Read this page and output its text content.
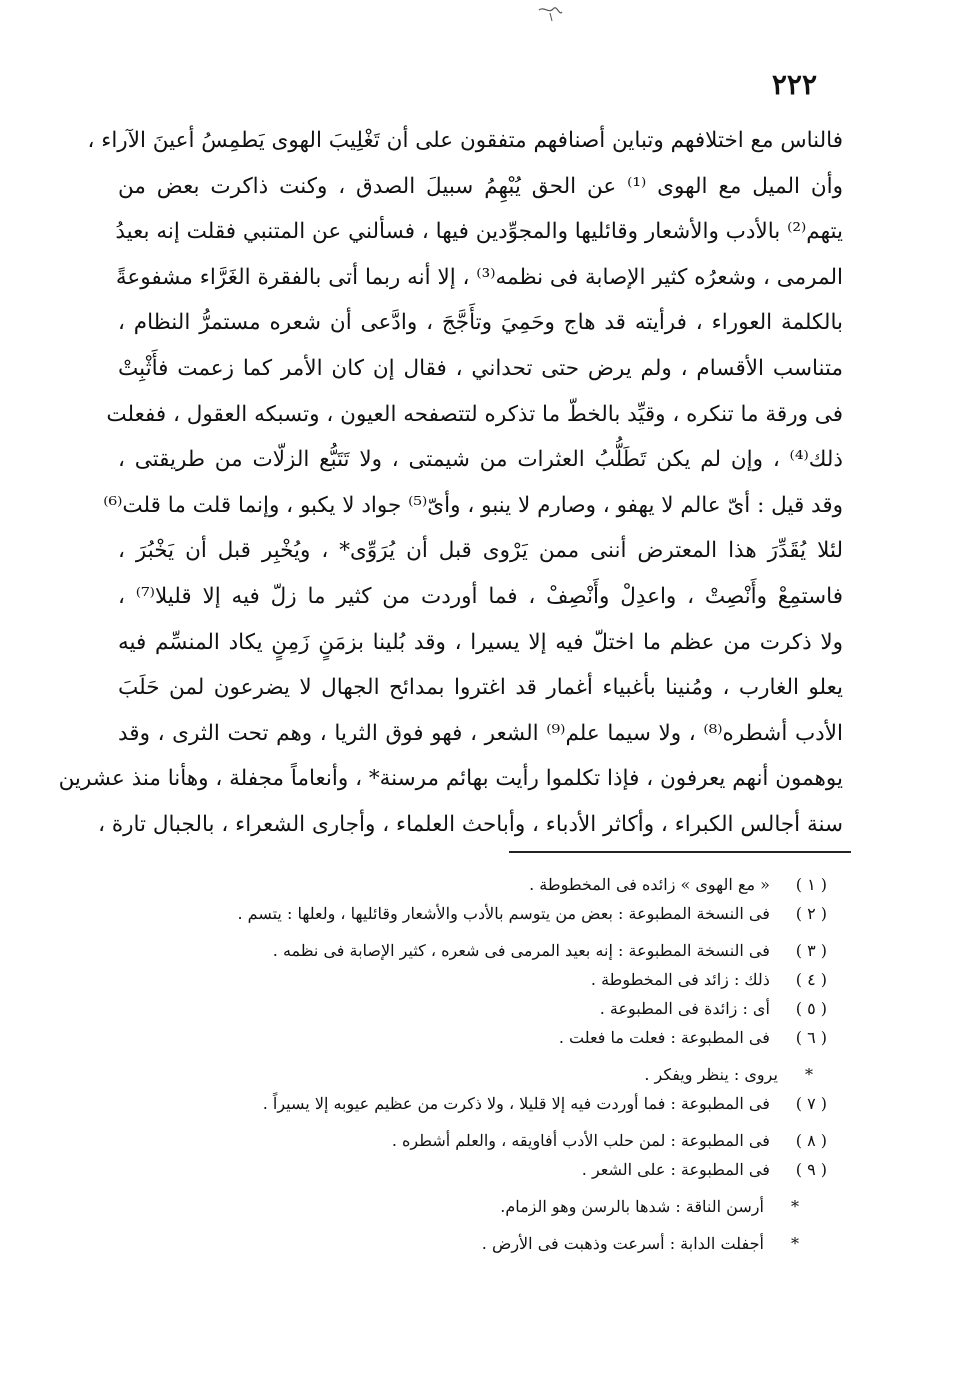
٢٢٢
فالناس مع اختلافهم وتباين أصنافهم متفقون على أن تَغْلِيبَ الهوى يَطمِسُ أعينَ الآراء ،
وأن الميل مع الهوى ⁽¹⁾ عن الحق يُبْهِمُ سبيلَ الصدق ، وكنت ذاكرت بعض من
يتهم⁽²⁾ بالأدب والأشعار وقائليها والمجوِّدين فيها ، فسألني عن المتنبي فقلت إنه بعيدُ
المرمى ، وشعرُه كثير الإصابة فى نظمه⁽³⁾ ، إلا أنه ربما أتى بالفقرة الغَرَّاء مشفوعةً
بالكلمة العوراء ، فرأيته قد هاج وحَمِيَ وتأَجَّجَ ، وادَّعى أن شعره مستمرُّ النظام ،
متناسب الأقسام ، ولم يرض حتى تحداني ، فقال إن كان الأمر كما زعمت فأَثْبِتْ
فى ورقة ما تنكره ، وقيِّد بالخطّ ما تذكره لتتصفحه العيون ، وتسبكه العقول ، ففعلت
ذلك⁽⁴⁾ ، وإن لم يكن تَطَلُّبُ العثرات من شيمتى ، ولا تَتَبُّع الزلّات من طريقتى ،
وقد قيل : أىّ عالم لا يهفو ، وصارم لا ينبو ، وأىّ⁽⁵⁾ جواد لا يكبو ، وإنما قلت ما قلت⁽⁶⁾
لئلا يُقَدِّرَ هذا المعترض أننى ممن يَرْوى قبل أن يُرَوِّى* ، ويُخْبِر قبل أن يَخْبُرَ ،
فاستمِعْ وأَنْصِتْ ، واعدِلْ وأَنْصِفْ ، فما أوردت من كثير ما زلّ فيه إلا قليلا⁽⁷⁾ ،
ولا ذكرت من عظم ما اختلّ فيه إلا يسيرا ، وقد بُلينا بزمَنٍ زَمِنٍ يكاد المنسِّم فيه
يعلو الغارب ، ومُنينا بأغبياء أغمار قد اغتروا بمدائح الجهال لا يضرعون لمن حَلَبَ
الأدب أشطره⁽⁸⁾ ، ولا سيما علم⁽⁹⁾ الشعر ، فهو فوق الثريا ، وهم تحت الثرى ، وقد
يوهمون أنهم يعرفون ، فإذا تكلموا رأيت بهائم مرسنة* ، وأنعاماً مجفلة ، وهأنا منذ عشرين
سنة أجالس الكبراء ، وأكاثر الأدباء ، وأباحث العلماء ، وأجارى الشعراء ، بالجبال تارة ،
( ١ ) « مع الهوى » زائده فى المخطوطة .
( ٢ ) فى النسخة المطبوعة : بعض من يتوسم بالأدب والأشعار وقائليها ، ولعلها : يتسم .
( ٣ ) فى النسخة المطبوعة : إنه بعيد المرمى فى شعره ، كثير الإصابة فى نظمه .
( ٤ ) ذلك : زائد فى المخطوطة .
( ٥ ) أى : زائدة فى المطبوعة .
( ٦ ) فى المطبوعة : فعلت ما فعلت .
* يروى : ينظر ويفكر .
( ٧ ) فى المطبوعة : فما أوردت فيه إلا قليلا ، ولا ذكرت من عظيم عيوبه إلا يسيراً .
( ٨ ) فى المطبوعة : لمن حلب الأدب أفاويقه ، والعلم أشطره .
( ٩ ) فى المطبوعة : على الشعر .
* أرسن الناقة : شدها بالرسن وهو الزمام.
* أجفلت الدابة : أسرعت وذهبت فى الأرض .
